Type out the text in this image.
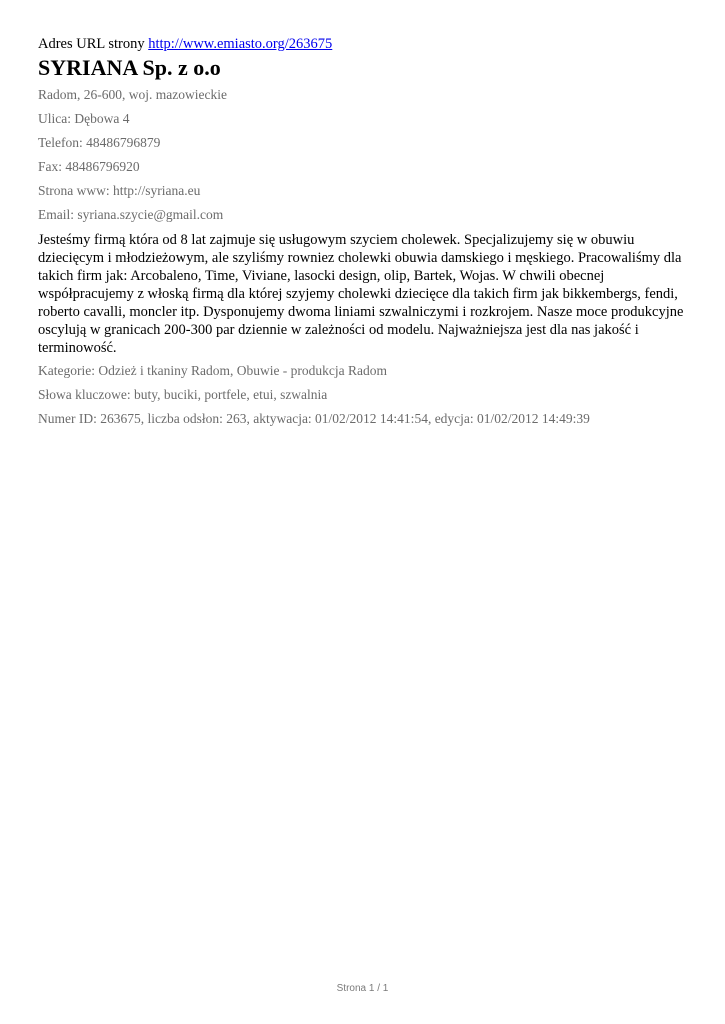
Adres URL strony http://www.emiasto.org/263675

SYRIANA Sp. z o.o

Radom, 26-600, woj. mazowieckie

Ulica: Dębowa 4

Telefon: 48486796879

Fax: 48486796920

Strona www: http://syriana.eu

Email: syriana.szycie@gmail.com

Jesteśmy firmą która od 8 lat zajmuje się usługowym szyciem cholewek. Specjalizujemy się w obuwiu dziecięcym i młodzieżowym, ale szyliśmy rowniez cholewki obuwia damskiego i męskiego. Pracowaliśmy dla takich firm jak: Arcobaleno, Time, Viviane, lasocki design, olip, Bartek, Wojas. W chwili obecnej współpracujemy z włoską firmą dla której szyjemy cholewki dziecięce dla takich firm jak bikkembergs, fendi, roberto cavalli, moncler itp. Dysponujemy dwoma liniami szwalniczymi i rozkrojem. Nasze moce produkcyjne oscylują w granicach 200-300 par dziennie w zależności od modelu. Najważniejsza jest dla nas jakość i terminowość.

Kategorie: Odzież i tkaniny Radom, Obuwie - produkcja Radom

Słowa kluczowe: buty, buciki, portfele, etui, szwalnia

Numer ID: 263675, liczba odsłon: 263, aktywacja: 01/02/2012 14:41:54, edycja: 01/02/2012 14:49:39

Strona 1 / 1
